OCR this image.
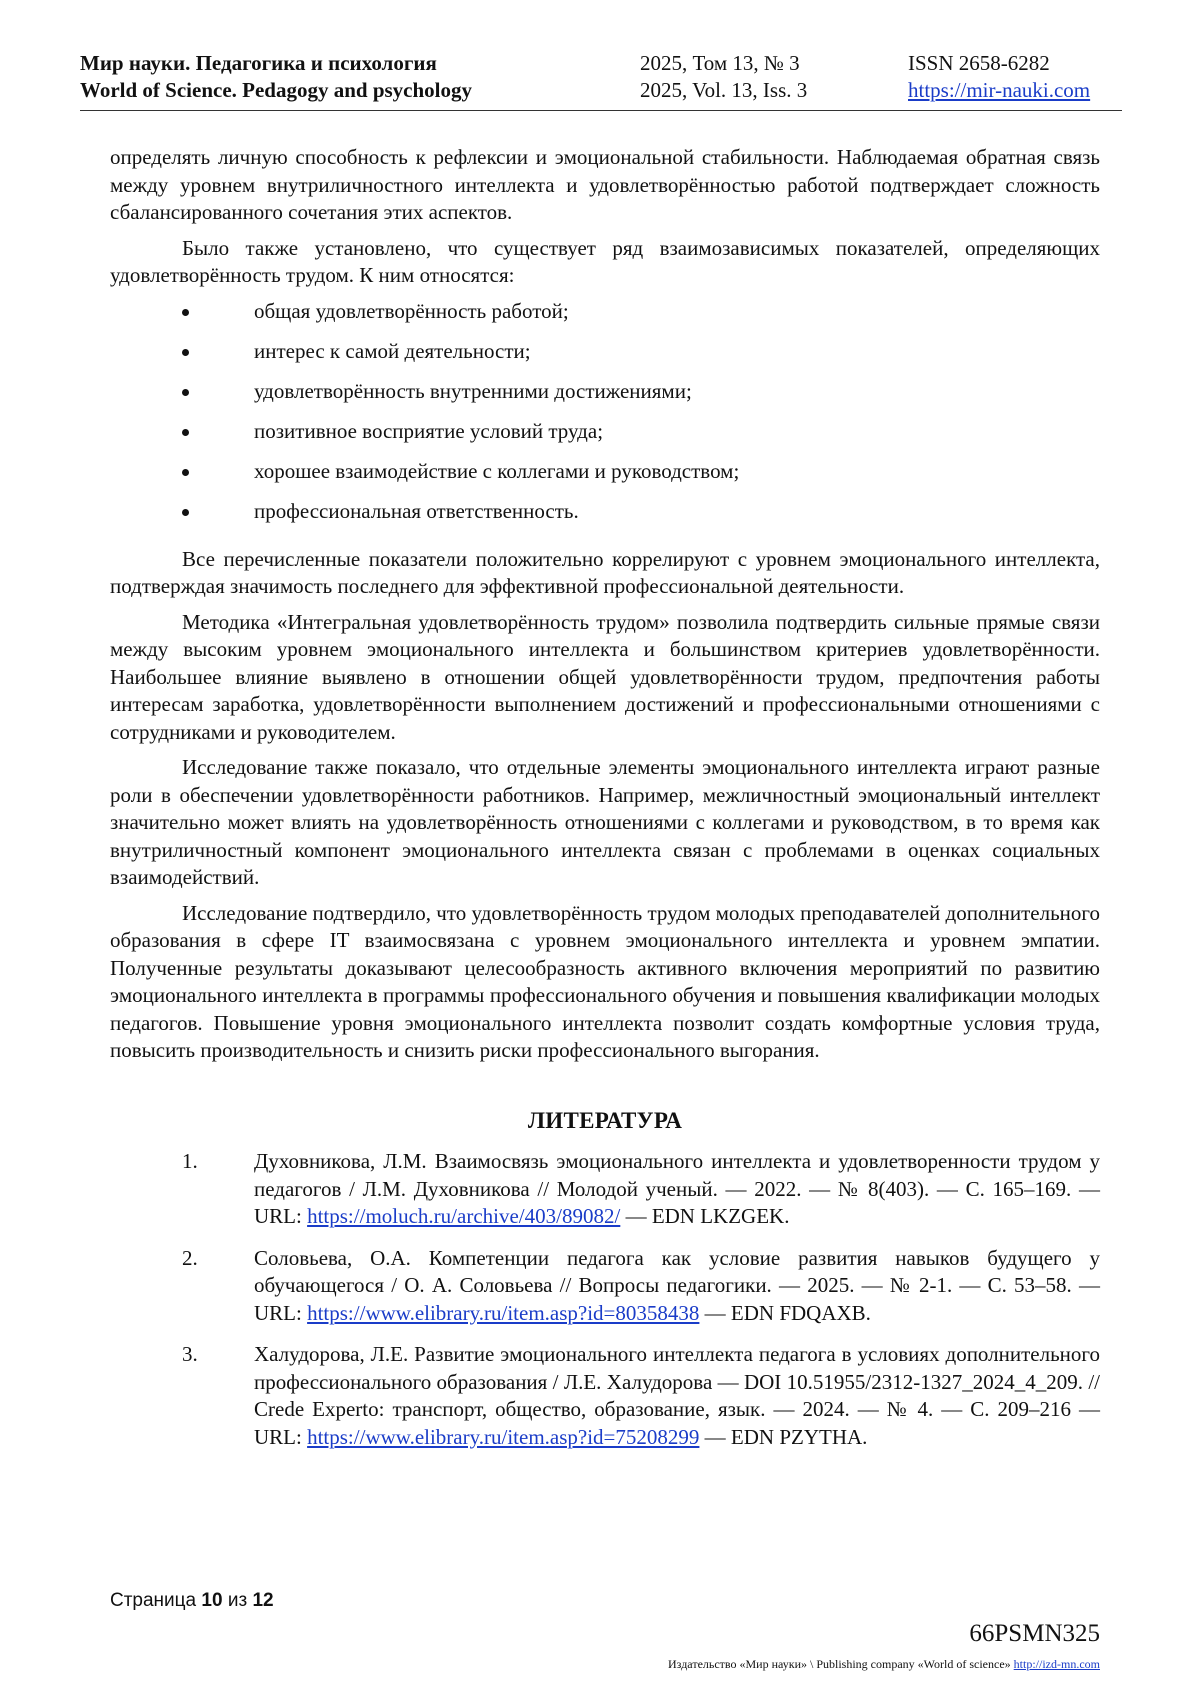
Мир науки. Педагогика и психология	2025, Том 13, № 3	ISSN 2658-6282
World of Science. Pedagogy and psychology	2025, Vol. 13, Iss. 3	https://mir-nauki.com

определять личную способность к рефлексии и эмоциональной стабильности. Наблюдаемая обратная связь между уровнем внутриличностного интеллекта и удовлетворённостью работой подтверждает сложность сбалансированного сочетания этих аспектов.

Было также установлено, что существует ряд взаимозависимых показателей, определяющих удовлетворённость трудом. К ним относятся:

общая удовлетворённость работой;
интерес к самой деятельности;
удовлетворённость внутренними достижениями;
позитивное восприятие условий труда;
хорошее взаимодействие с коллегами и руководством;
профессиональная ответственность.

Все перечисленные показатели положительно коррелируют с уровнем эмоционального интеллекта, подтверждая значимость последнего для эффективной профессиональной деятельности.

Методика «Интегральная удовлетворённость трудом» позволила подтвердить сильные прямые связи между высоким уровнем эмоционального интеллекта и большинством критериев удовлетворённости. Наибольшее влияние выявлено в отношении общей удовлетворённости трудом, предпочтения работы интересам заработка, удовлетворённости выполнением достижений и профессиональными отношениями с сотрудниками и руководителем.

Исследование также показало, что отдельные элементы эмоционального интеллекта играют разные роли в обеспечении удовлетворённости работников. Например, межличностный эмоциональный интеллект значительно может влиять на удовлетворённость отношениями с коллегами и руководством, в то время как внутриличностный компонент эмоционального интеллекта связан с проблемами в оценках социальных взаимодействий.

Исследование подтвердило, что удовлетворённость трудом молодых преподавателей дополнительного образования в сфере IT взаимосвязана с уровнем эмоционального интеллекта и уровнем эмпатии. Полученные результаты доказывают целесообразность активного включения мероприятий по развитию эмоционального интеллекта в программы профессионального обучения и повышения квалификации молодых педагогов. Повышение уровня эмоционального интеллекта позволит создать комфортные условия труда, повысить производительность и снизить риски профессионального выгорания.

ЛИТЕРАТУРА
1.	Духовникова, Л.М. Взаимосвязь эмоционального интеллекта и удовлетворенности трудом у педагогов / Л.М. Духовникова // Молодой ученый. — 2022. — № 8(403). — С. 165–169. — URL: https://moluch.ru/archive/403/89082/ — EDN LKZGEK.
2.	Соловьева, О.А. Компетенции педагога как условие развития навыков будущего у обучающегося / О. А. Соловьева // Вопросы педагогики. — 2025. — № 2-1. — С. 53–58. — URL: https://www.elibrary.ru/item.asp?id=80358438 — EDN FDQAXB.
3.	Халудорова, Л.Е. Развитие эмоционального интеллекта педагога в условиях дополнительного профессионального образования / Л.Е. Халудорова — DOI 10.51955/2312-1327_2024_4_209. // Crede Experto: транспорт, общество, образование, язык. — 2024. — № 4. — С. 209–216 — URL: https://www.elibrary.ru/item.asp?id=75208299 — EDN PZYTHA.
Страница 10 из 12
66PSMN325
Издательство «Мир науки» \ Publishing company «World of science» http://izd-mn.com
